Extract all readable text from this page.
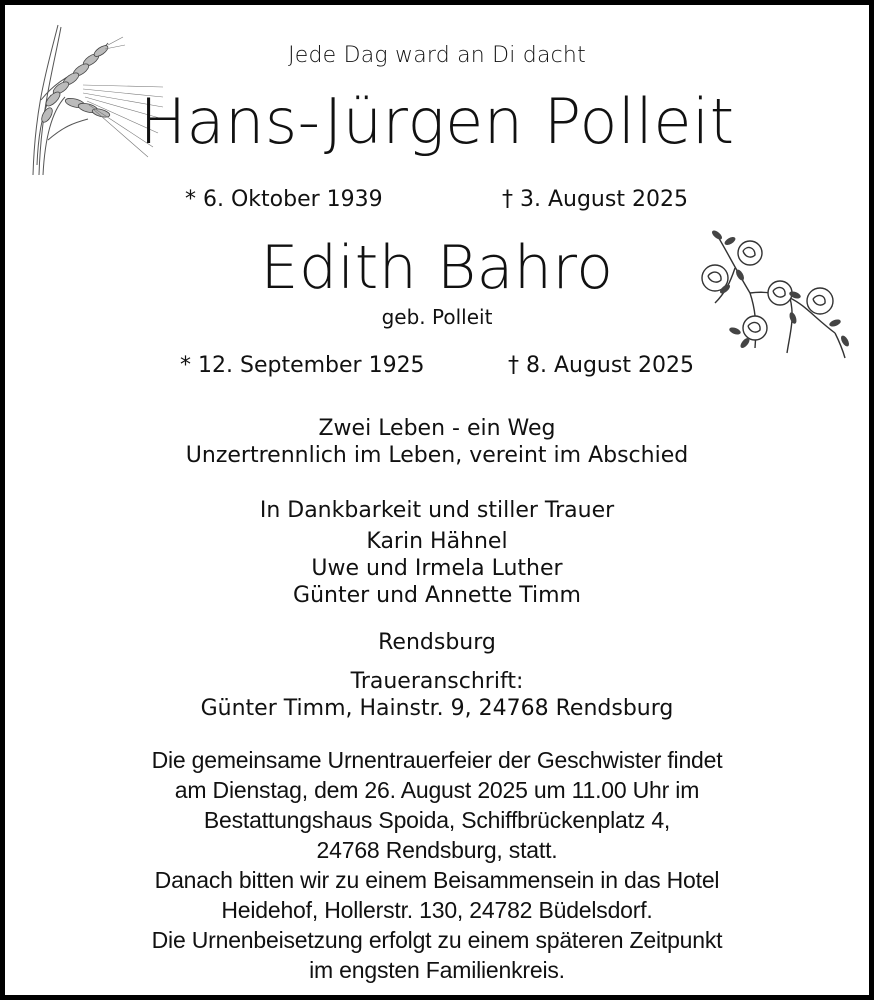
Jede Dag ward an Di dacht
Hans-Jürgen Polleit
* 6. Oktober 1939	† 3. August 2025
Edith Bahro
geb. Polleit
* 12. September 1925	† 8. August 2025
Zwei Leben - ein Weg
Unzertrennlich im Leben, vereint im Abschied
In Dankbarkeit und stiller Trauer
Karin Hähnel
Uwe und Irmela Luther
Günter und Annette Timm
Rendsburg
Traueranschrift:
Günter Timm, Hainstr. 9, 24768 Rendsburg
Die gemeinsame Urnentrauerfeier der Geschwister findet
am Dienstag, dem 26. August 2025 um 11.00 Uhr im
Bestattungshaus Spoida, Schiffbrückenplatz 4,
24768 Rendsburg, statt.
Danach bitten wir zu einem Beisammensein in das Hotel
Heidehof, Hollerstr. 130, 24782 Büdelsdorf.
Die Urnenbeisetzung erfolgt zu einem späteren Zeitpunkt
im engsten Familienkreis.
